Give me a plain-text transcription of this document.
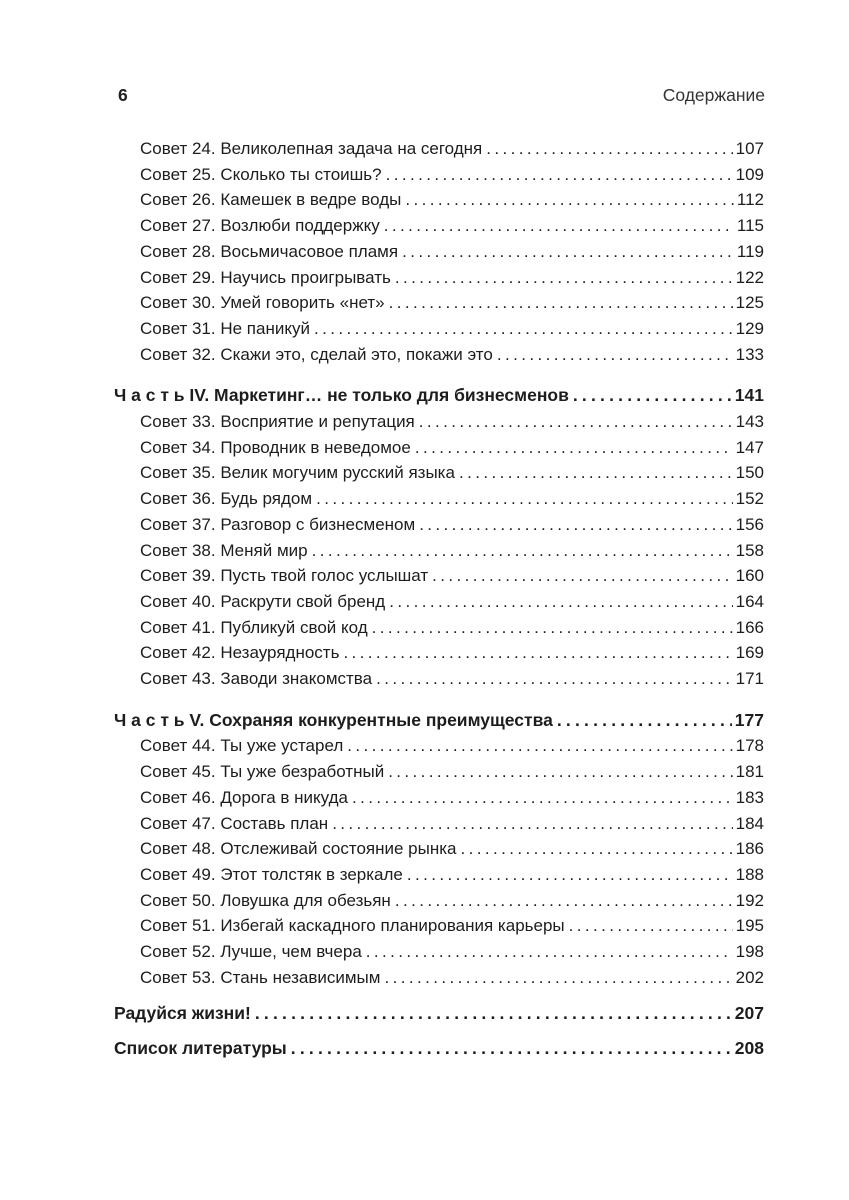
6	Содержание
Совет 24. Великолепная задача на сегодня .....	107
Совет 25. Сколько ты стоишь? .....	109
Совет 26. Камешек в ведре воды .....	112
Совет 27. Возлюби поддержку .....	115
Совет 28. Восьмичасовое пламя .....	119
Совет 29. Научись проигрывать .....	122
Совет 30. Умей говорить «нет» .....	125
Совет 31. Не паникуй .....	129
Совет 32. Скажи это, сделай это, покажи это .....	133
Ч а с т ь IV. Маркетинг… не только для бизнесменов .....	141
Совет 33. Восприятие и репутация .....	143
Совет 34. Проводник в неведомое .....	147
Совет 35. Велик могучим русский языка .....	150
Совет 36. Будь рядом .....	152
Совет 37. Разговор с бизнесменом .....	156
Совет 38. Меняй мир .....	158
Совет 39. Пусть твой голос услышат .....	160
Совет 40. Раскрути свой бренд .....	164
Совет 41. Публикуй свой код .....	166
Совет 42. Незаурядность .....	169
Совет 43. Заводи знакомства .....	171
Ч а с т ь V. Сохраняя конкурентные преимущества .....	177
Совет 44. Ты уже устарел .....	178
Совет 45. Ты уже безработный .....	181
Совет 46. Дорога в никуда .....	183
Совет 47. Составь план .....	184
Совет 48. Отслеживай состояние рынка .....	186
Совет 49. Этот толстяк в зеркале .....	188
Совет 50. Ловушка для обезьян .....	192
Совет 51. Избегай каскадного планирования карьеры .....	195
Совет 52. Лучше, чем вчера .....	198
Совет 53. Стань независимым .....	202
Радуйся жизни! .....	207
Список литературы .....	208
